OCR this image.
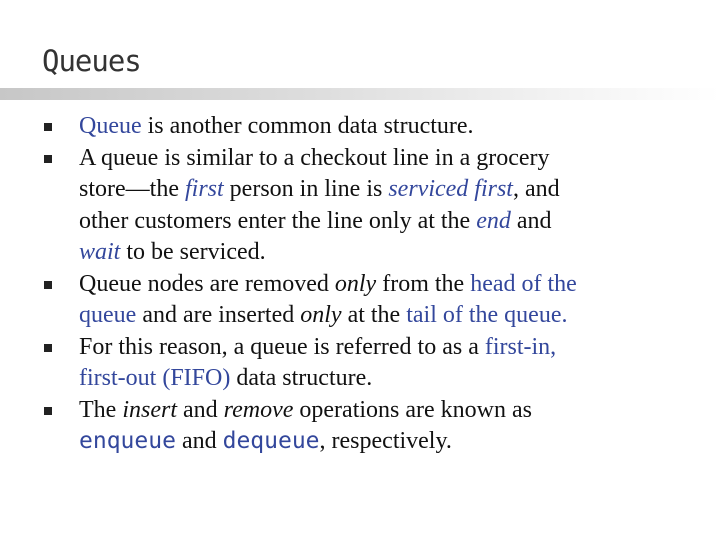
Queues
Queue is another common data structure.
A queue is similar to a checkout line in a grocery
store—the first person in line is serviced first, and
other customers enter the line only at the end and
wait to be serviced.
Queue nodes are removed only from the head of the
queue and are inserted only at the tail of the queue.
For this reason, a queue is referred to as a first-in,
first-out (FIFO) data structure.
The insert and remove operations are known as
enqueue and dequeue, respectively.
